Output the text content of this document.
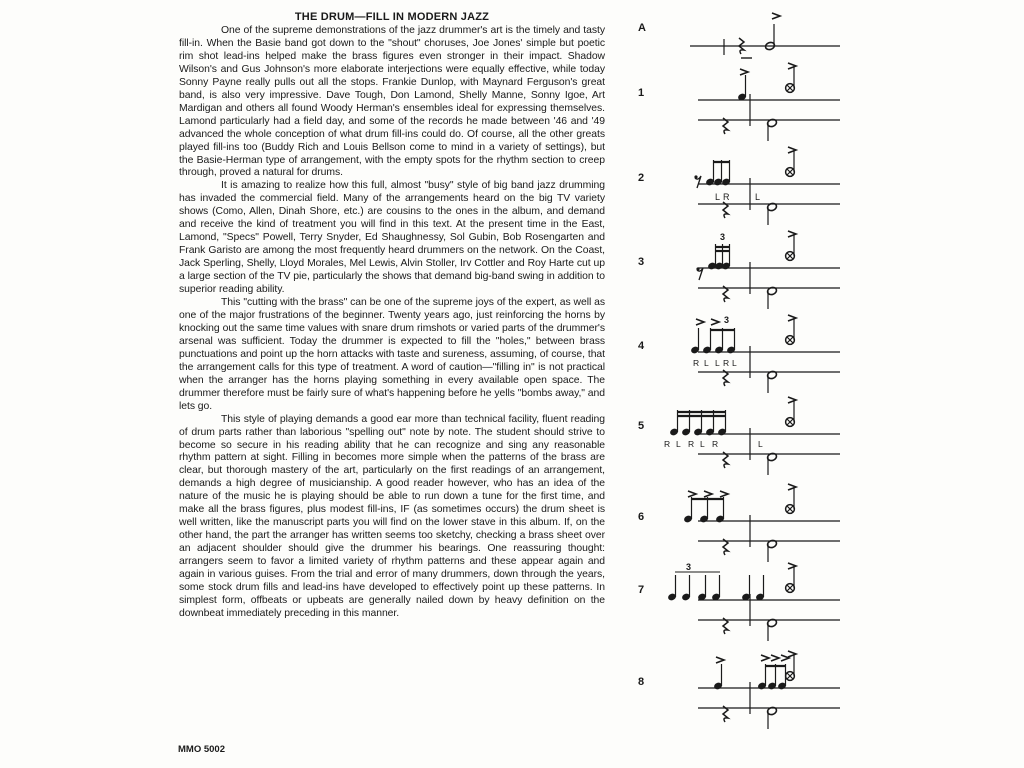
THE DRUM—FILL IN MODERN JAZZ

One of the supreme demonstrations of the jazz drummer's art is the timely and tasty fill-in. When the Basie band got down to the "shout" choruses, Joe Jones' simple but poetic rim shot lead-ins helped make the brass figures even stronger in their impact. Shadow Wilson's and Gus Johnson's more elaborate interjections were equally effective, while today Sonny Payne really pulls out all the stops. Frankie Dunlop, with Maynard Ferguson's great band, is also very impressive. Dave Tough, Don Lamond, Shelly Manne, Sonny Igoe, Art Mardigan and others all found Woody Herman's ensembles ideal for expressing themselves. Lamond particularly had a field day, and some of the records he made between '46 and '49 advanced the whole conception of what drum fill-ins could do. Of course, all the other greats played fill-ins too (Buddy Rich and Louis Bellson come to mind in a variety of settings), but the Basie-Herman type of arrangement, with the empty spots for the rhythm section to creep through, proved a natural for drums.

It is amazing to realize how this full, almost "busy" style of big band jazz drumming has invaded the commercial field. Many of the arrangements heard on the big TV variety shows (Como, Allen, Dinah Shore, etc.) are cousins to the ones in the album, and demand and receive the kind of treatment you will find in this text. At the present time in the East, Lamond, "Specs" Powell, Terry Snyder, Ed Shaughnessy, Sol Gubin, Bob Rosengarten and Frank Garisto are among the most frequently heard drummers on the network. On the Coast, Jack Sperling, Shelly, Lloyd Morales, Mel Lewis, Alvin Stoller, Irv Cottler and Roy Harte cut up a large section of the TV pie, particularly the shows that demand big-band swing in addition to superior reading ability.

This "cutting with the brass" can be one of the supreme joys of the expert, as well as one of the major frustrations of the beginner. Twenty years ago, just reinforcing the horns by knocking out the same time values with snare drum rimshots or varied parts of the drummer's arsenal was sufficient. Today the drummer is expected to fill the "holes," between brass punctuations and point up the horn attacks with taste and sureness, assuming, of course, that the arrangement calls for this type of treatment. A word of caution—"filling in" is not practical when the arranger has the horns playing something in every available open space. The drummer therefore must be fairly sure of what's happening before he yells "bombs away," and lets go.

This style of playing demands a good ear more than technical facility, fluent reading of drum parts rather than laborious "spelling out" note by note. The student should strive to become so secure in his reading ability that he can recognize and sing any reasonable rhythm pattern at sight. Filling in becomes more simple when the patterns of the brass are clear, but thorough mastery of the art, particularly on the first readings of an arrangement, demands a high degree of musicianship. A good reader however, who has an idea of the nature of the music he is playing should be able to run down a tune for the first time, and make all the brass figures, plus modest fill-ins, IF (as sometimes occurs) the drum sheet is well written, like the manuscript parts you will find on the lower stave in this album. If, on the other hand, the part the arranger has written seems too sketchy, checking a brass sheet over an adjacent shoulder should give the drummer his bearings. One reassuring thought: arrangers seem to favor a limited variety of rhythm patterns and these appear again and again in various guises. From the trial and error of many drummers, down through the years, some stock drum fills and lead-ins have developed to effectively point up these patterns. In simplest form, offbeats or upbeats are generally nailed down by heavy definition on the downbeat immediately preceding in this manner.

MMO 5002
L R	L
3
3
R L L R L
R L R L R	L
3
A
1
2
3
4
5
6
7
8
